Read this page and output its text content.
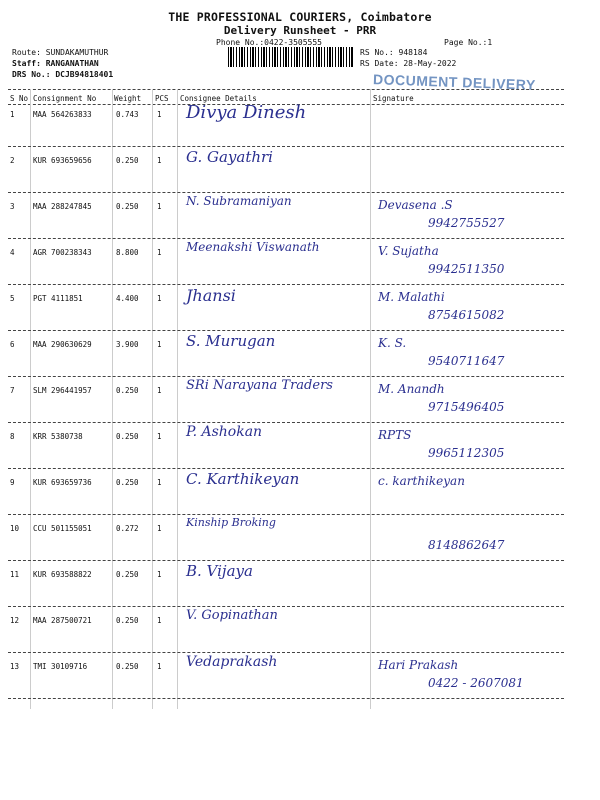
THE PROFESSIONAL COURIERS, Coimbatore
Delivery Runsheet - PRR
Phone No.:0422-3505555	Page No.:1
Route: SUNDAKAMUTHUR
Staff: RANGANATHAN
DRS No.: DCJB94818401
RS No.: 948184
RS Date: 28-May-2022
DOCUMENT DELIVERY
S No Consignment No Weight PCS Consignee Details	Signature
1 MAA 564263833	0.743 1 Divya Dinesh
2 KUR 693659656	0.250 1 G. Gayathri
3 MAA 288247845	0.250 1 N. Subramaniyan	Devasena .S
9942755527
4 AGR 700238343	8.800 1 Meenakshi Viswanath	V. Sujatha
9942511350
5 PGT 4111851	4.400 1 Jhansi	M. Malathi
8754615082
6 MAA 290630629	3.900 1 S. Murugan	K. S.
9540711647
7 SLM 296441957	0.250 1 SRi Narayana Traders	M. Anandh
9715496405
8 KRR 5380738	0.250 1 P. Ashokan	RPTS
9965112305
9 KUR 693659736	0.250 1 C. Karthikeyan	c. karthikeyan
10 CCU 501155051	0.272 1 Kinship Broking
8148862647
11 KUR 693588822	0.250 1 B. Vijaya
12 MAA 287500721	0.250 1 V. Gopinathan
13 TMI 30109716	0.250 1 Vedaprakash	Hari Prakash
0422 - 2607081
